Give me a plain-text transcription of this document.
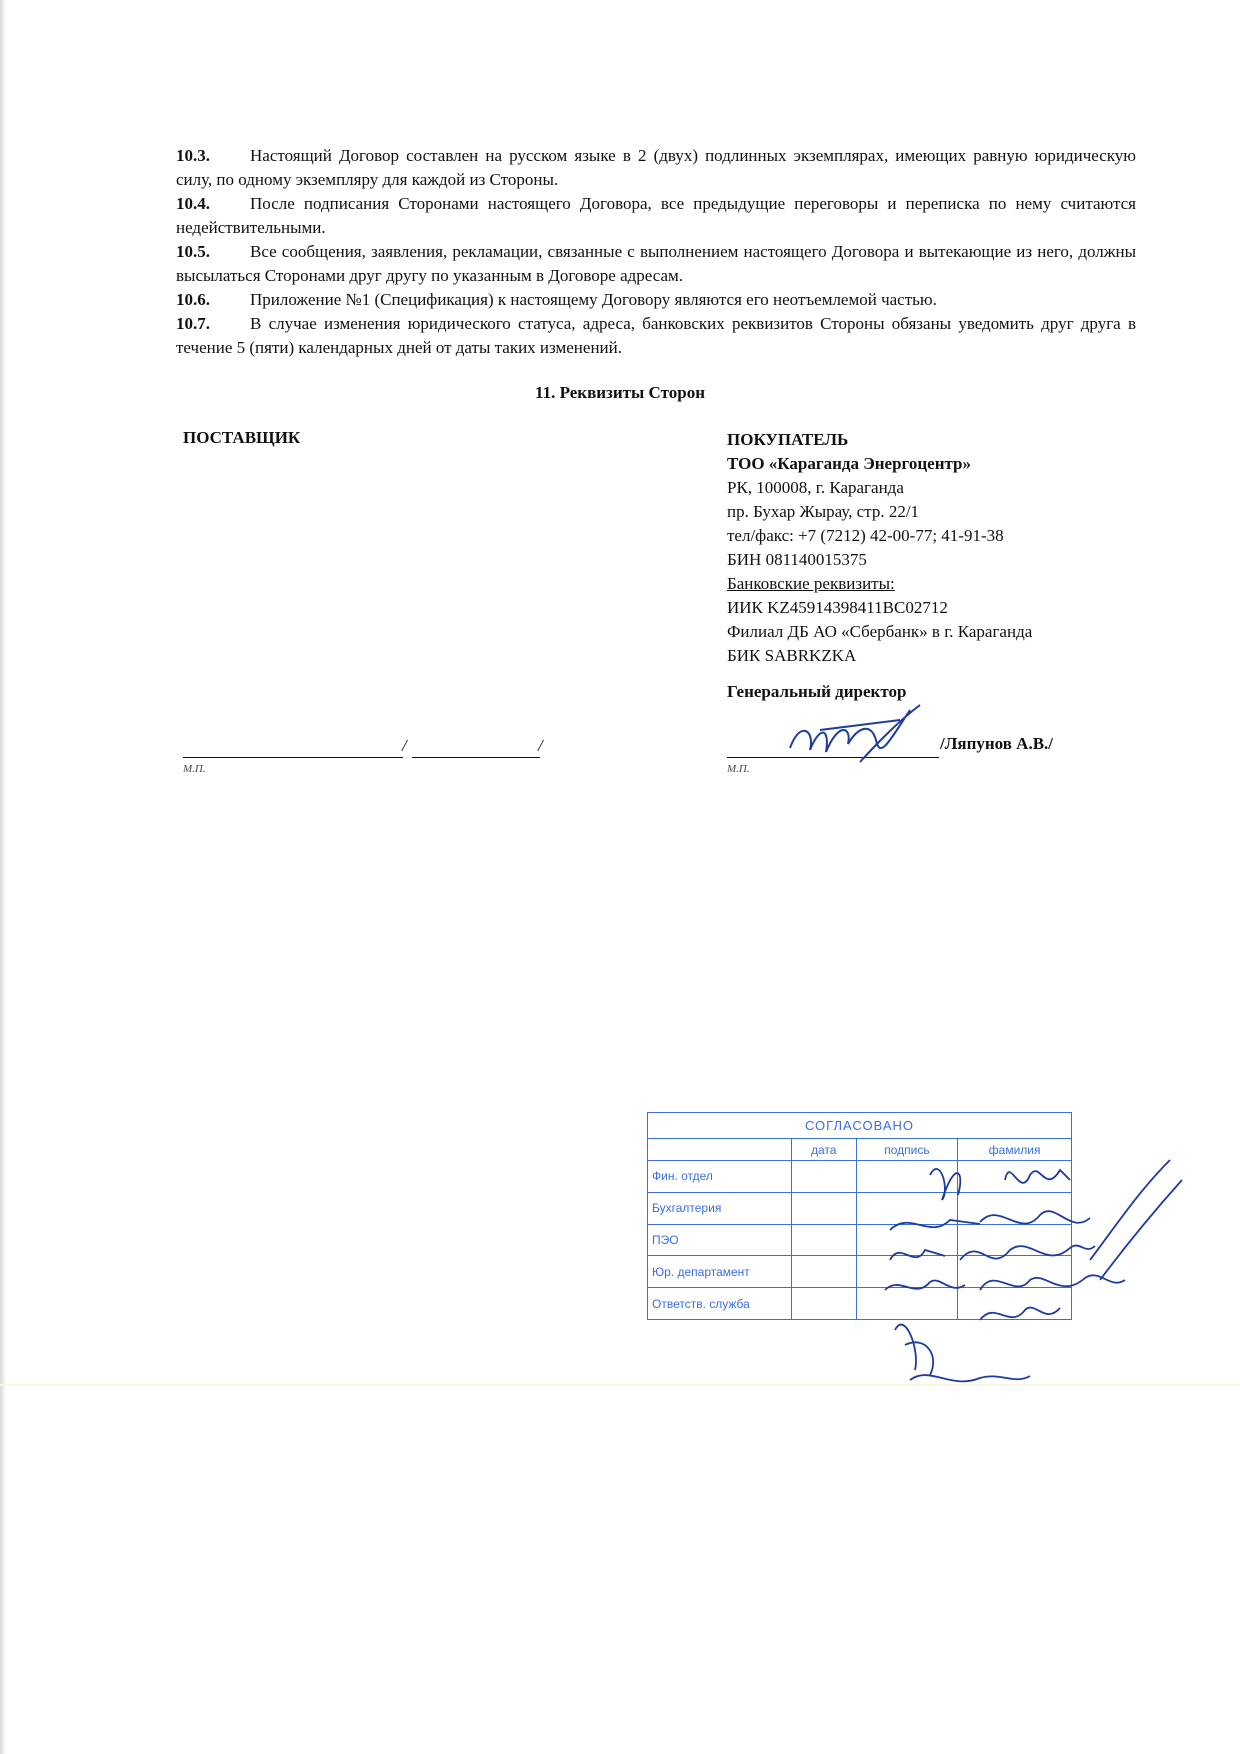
10.3.	Настоящий Договор составлен на русском языке в 2 (двух) подлинных экземплярах, имеющих равную юридическую силу, по одному экземпляру для каждой из Стороны.
10.4.	После подписания Сторонами настоящего Договора, все предыдущие переговоры и переписка по нему считаются недействительными.
10.5.	Все сообщения, заявления, рекламации, связанные с выполнением настоящего Договора и вытекающие из него, должны высылаться Сторонами друг другу по указанным в Договоре адресам.
10.6.	Приложение №1 (Спецификация) к настоящему Договору являются его неотъемлемой частью.
10.7.	В случае изменения юридического статуса, адреса, банковских реквизитов Стороны обязаны уведомить друг друга в течение 5 (пяти) календарных дней от даты таких изменений.
11. Реквизиты Сторон
ПОСТАВЩИК	ПОКУПАТЕЛЬ
ТОО «Караганда Энергоцентр»
РК, 100008, г. Караганда
пр. Бухар Жырау, стр. 22/1
тел/факс: +7 (7212) 42-00-77; 41-91-38
БИН 081140015375
Банковские реквизиты:
ИИК KZ45914398411BC02712
Филиал ДБ АО «Сбербанк» в г. Караганда
БИК SABRKZKA
Генеральный директор
/	/
М.П.
/Ляпунов А.В./
М.П.
СОГЛАСОВАНО			
	дата	подпись	фамилия
Фин. отдел			
Бухгалтерия			
ПЭО			
Юр. департамент			
Ответств. служба			
